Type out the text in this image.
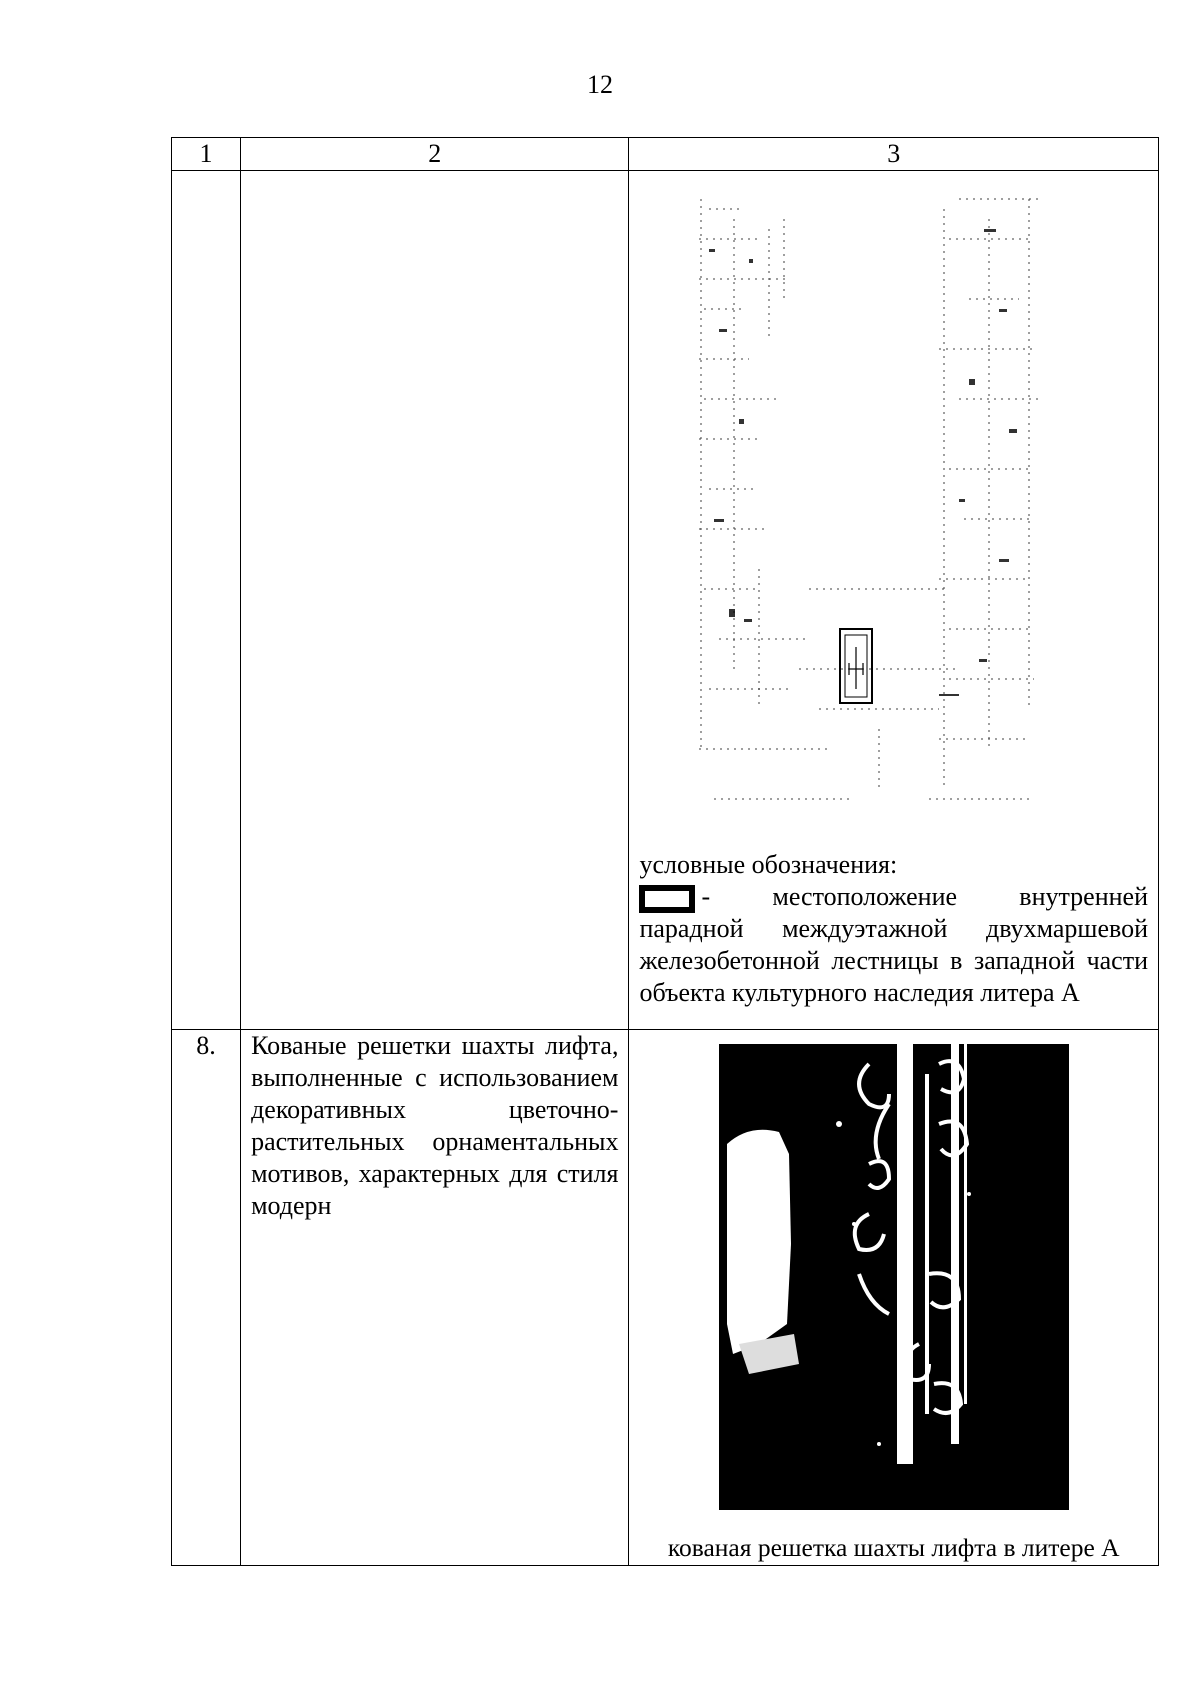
12
1	2	3

		условные обозначения:
- местоположение внутренней
парадной междуэтажной двухмаршевой железобетонной лестницы в западной части объекта культурного наследия литера А

8.	Кованые решетки шахты лифта, выполненные с использованием декоративных цветочно-растительных орнаментальных мотивов, характерных для стиля модерн	кованая решетка шахты лифта в литере А
